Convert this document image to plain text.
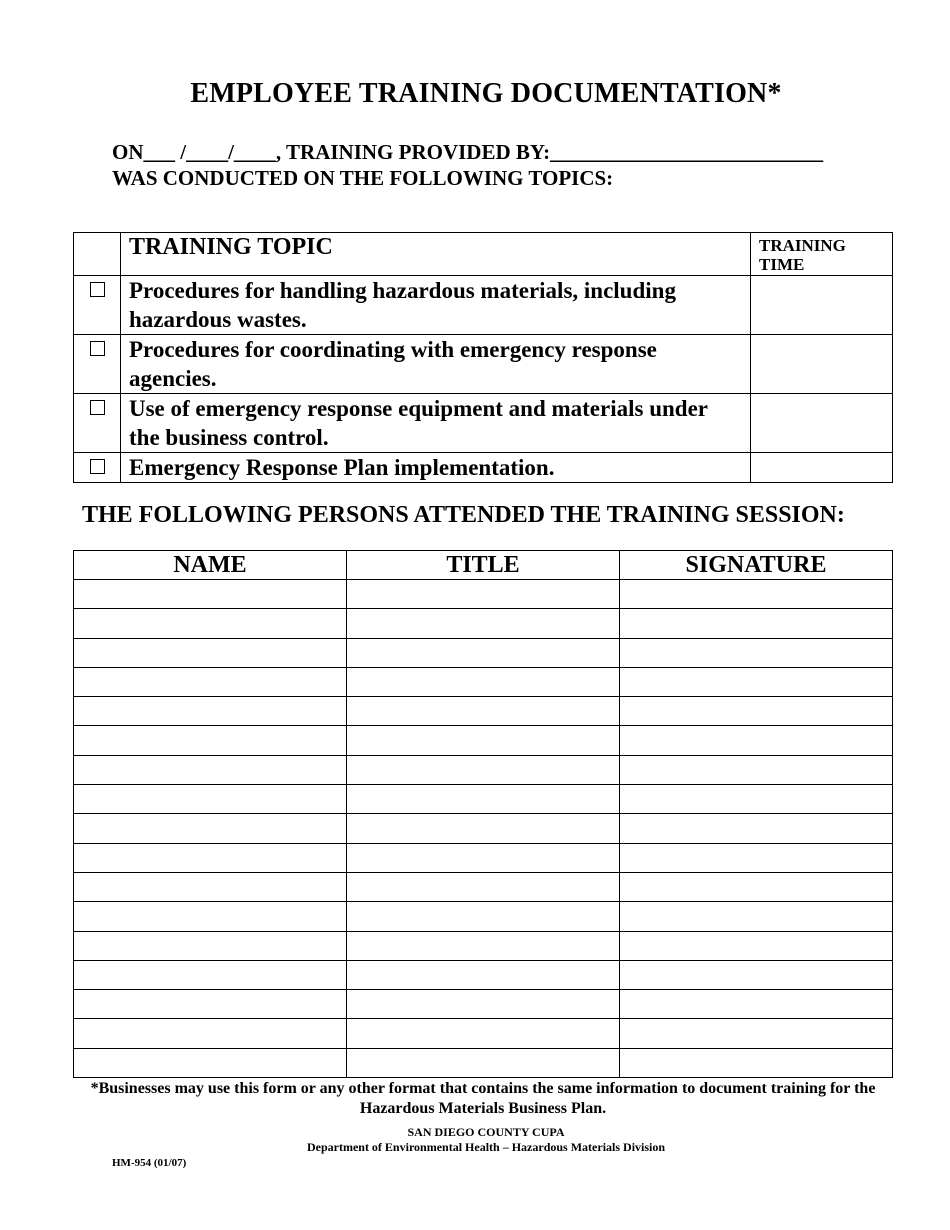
EMPLOYEE TRAINING DOCUMENTATION*
ON___ /____/____, TRAINING PROVIDED BY:__________________________
WAS CONDUCTED ON THE FOLLOWING TOPICS:
	TRAINING TOPIC	TRAINING TIME
	Procedures for handling hazardous materials, including hazardous wastes.	
	Procedures for coordinating with emergency response agencies.	
	Use of emergency response equipment and materials under the business control.	
	Emergency Response Plan implementation.	
THE FOLLOWING PERSONS ATTENDED THE TRAINING SESSION:
NAME	TITLE	SIGNATURE

*Businesses may use this form or any other format that contains the same information to document training for the Hazardous Materials Business Plan.
SAN DIEGO COUNTY CUPA
Department of Environmental Health – Hazardous Materials Division
HM-954 (01/07)
